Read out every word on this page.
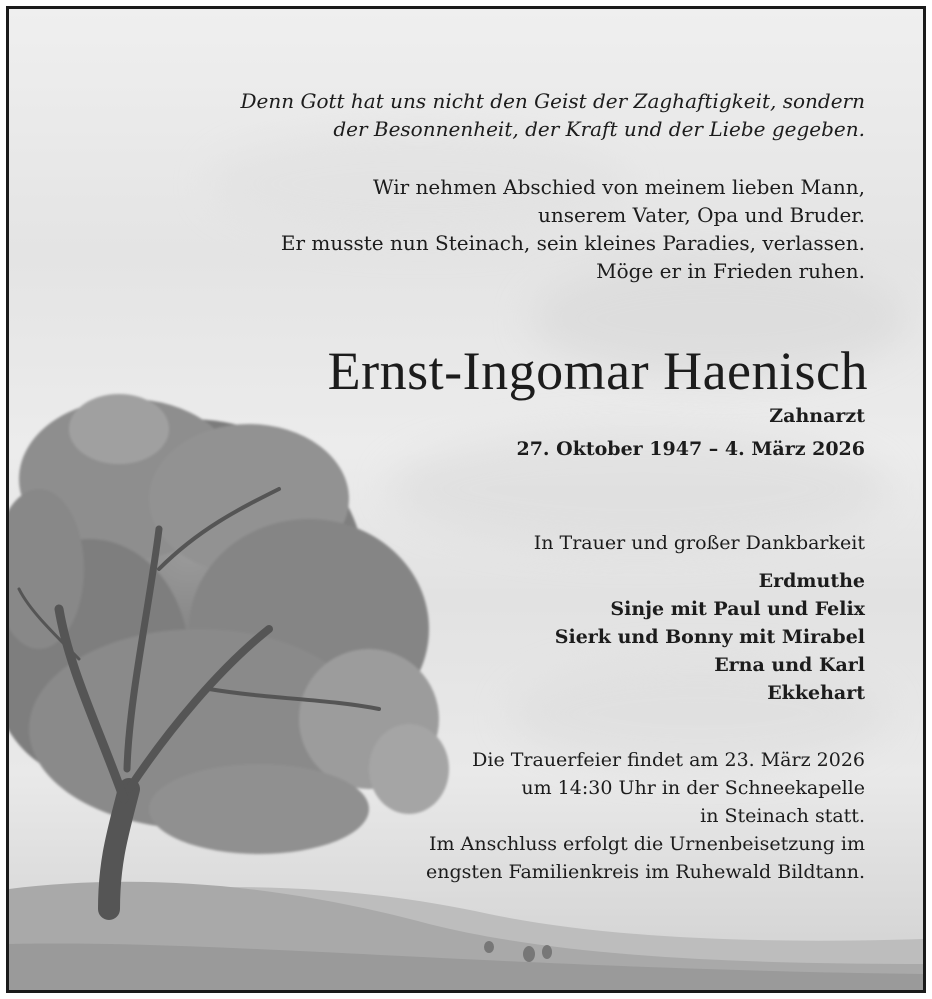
Denn Gott hat uns nicht den Geist der Zaghaftigkeit, sondern
der Besonnenheit, der Kraft und der Liebe gegeben.
Wir nehmen Abschied von meinem lieben Mann,
unserem Vater, Opa und Bruder.
Er musste nun Steinach, sein kleines Paradies, verlassen.
Möge er in Frieden ruhen.
Ernst-Ingomar Haenisch
Zahnarzt
27. Oktober 1947 – 4. März 2026
In Trauer und großer Dankbarkeit
Erdmuthe
Sinje mit Paul und Felix
Sierk und Bonny mit Mirabel
Erna und Karl
Ekkehart
Die Trauerfeier findet am 23. März 2026
um 14:30 Uhr in der Schneekapelle
in Steinach statt.
Im Anschluss erfolgt die Urnenbeisetzung im
engsten Familienkreis im Ruhewald Bildtann.
